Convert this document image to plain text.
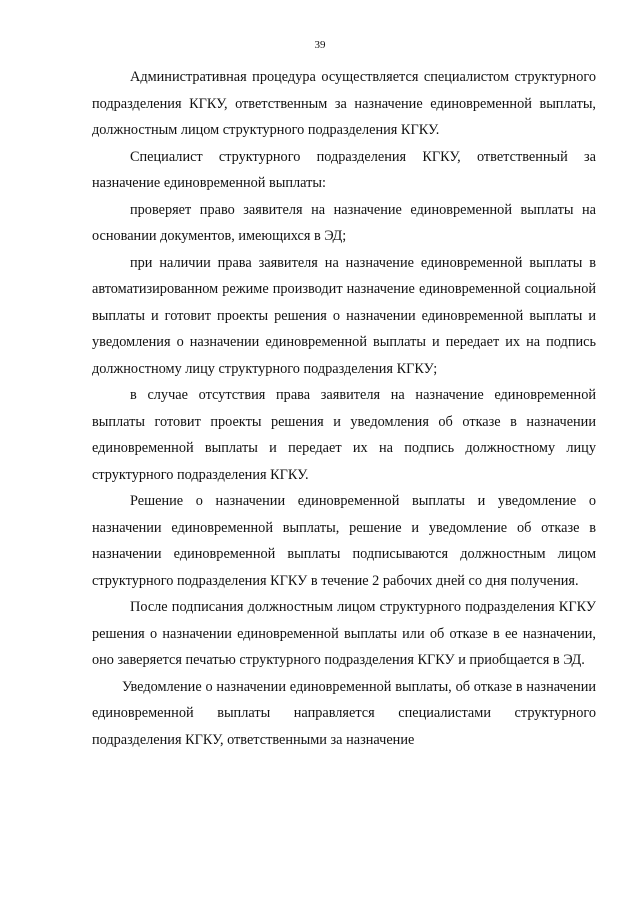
39

Административная процедура осуществляется специалистом структурного подразделения КГКУ, ответственным за назначение единовременной выплаты, должностным лицом структурного подразделения КГКУ.

Специалист структурного подразделения КГКУ, ответственный за назначение единовременной выплаты:

проверяет право заявителя на назначение единовременной выплаты на основании документов, имеющихся в ЭД;

при наличии права заявителя на назначение единовременной выплаты в автоматизированном режиме производит назначение единовременной социальной выплаты и готовит проекты решения о назначении единовременной выплаты и уведомления о назначении единовременной выплаты и передает их на подпись должностному лицу структурного подразделения КГКУ;

в случае отсутствия права заявителя на назначение единовременной выплаты готовит проекты решения и уведомления об отказе в назначении единовременной выплаты и передает их на подпись должностному лицу структурного подразделения КГКУ.

Решение о назначении единовременной выплаты и уведомление о назначении единовременной выплаты, решение и уведомление об отказе в назначении единовременной выплаты подписываются должностным лицом структурного подразделения КГКУ в течение 2 рабочих дней со дня получения.

После подписания должностным лицом структурного подразделения КГКУ решения о назначении единовременной выплаты или об отказе в ее назначении, оно заверяется печатью структурного подразделения КГКУ и приобщается в ЭД.

Уведомление о назначении единовременной выплаты, об отказе в назначении единовременной выплаты направляется специалистами структурного подразделения КГКУ, ответственными за назначение
